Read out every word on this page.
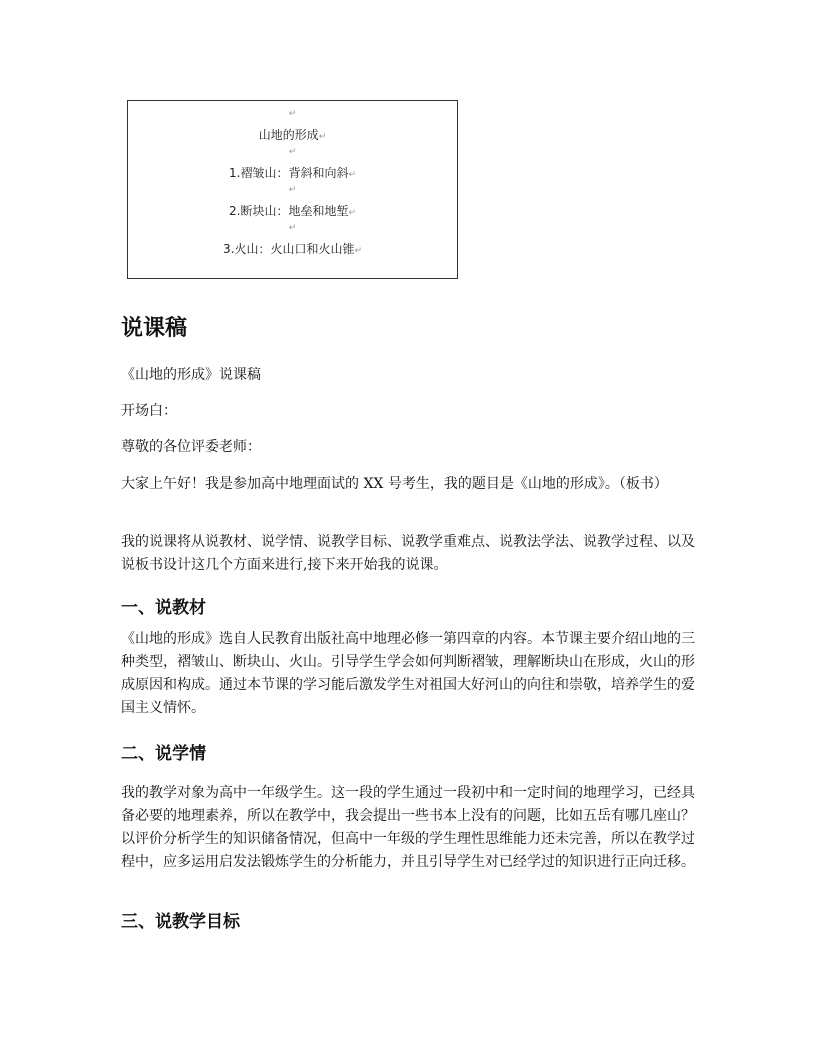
↵
山地的形成↵
↵
1.褶皱山：背斜和向斜↵
↵
2.断块山：地垒和地堑↵
↵
3.火山：火山口和火山锥↵
说课稿

《山地的形成》说课稿

开场白：

尊敬的各位评委老师：

大家上午好！我是参加高中地理面试的 XX 号考生，我的题目是《山地的形成》。（板书）

我的说课将从说教材、说学情、说教学目标、说教学重难点、说教法学法、说教学过程、以及说板书设计这几个方面来进行,接下来开始我的说课。

一、说教材

《山地的形成》选自人民教育出版社高中地理必修一第四章的内容。本节课主要介绍山地的三种类型，褶皱山、断块山、火山。引导学生学会如何判断褶皱，理解断块山在形成，火山的形成原因和构成。通过本节课的学习能后激发学生对祖国大好河山的向往和崇敬，培养学生的爱国主义情怀。

二、说学情

我的教学对象为高中一年级学生。这一段的学生通过一段初中和一定时间的地理学习，已经具备必要的地理素养，所以在教学中，我会提出一些书本上没有的问题，比如五岳有哪几座山？以评价分析学生的知识储备情况，但高中一年级的学生理性思维能力还未完善，所以在教学过程中，应多运用启发法锻炼学生的分析能力，并且引导学生对已经学过的知识进行正向迁移。

三、说教学目标
